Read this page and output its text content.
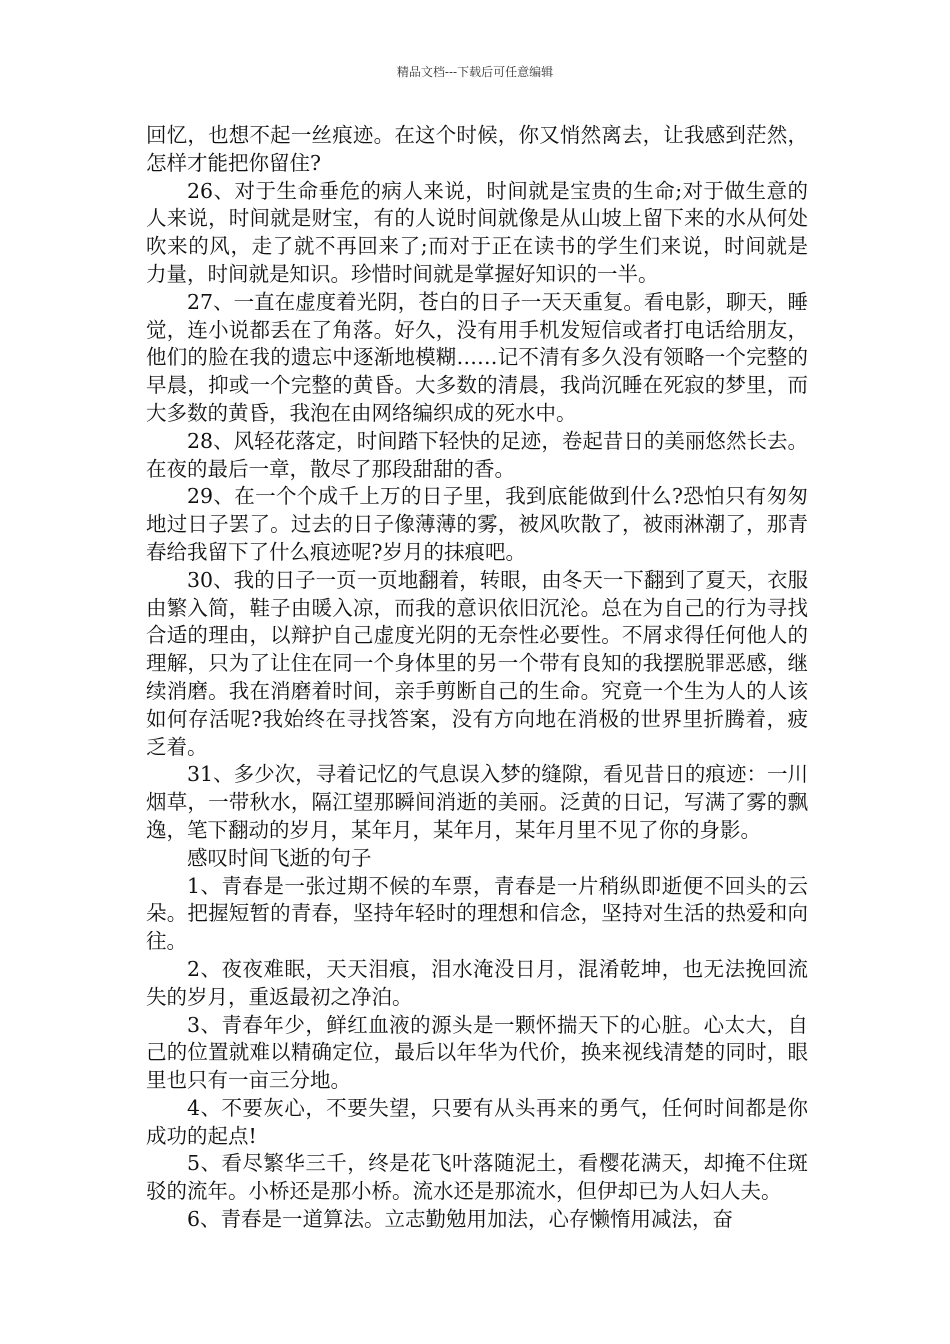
精品文档---下载后可任意编辑

回忆，也想不起一丝痕迹。在这个时候，你又悄然离去，让我感到茫然，怎样才能把你留住?

26、对于生命垂危的病人来说，时间就是宝贵的生命;对于做生意的人来说，时间就是财宝，有的人说时间就像是从山坡上留下来的水从何处吹来的风，走了就不再回来了;而对于正在读书的学生们来说，时间就是力量，时间就是知识。珍惜时间就是掌握好知识的一半。

27、一直在虚度着光阴，苍白的日子一天天重复。看电影，聊天，睡觉，连小说都丢在了角落。好久，没有用手机发短信或者打电话给朋友，他们的脸在我的遗忘中逐渐地模糊……记不清有多久没有领略一个完整的早晨，抑或一个完整的黄昏。大多数的清晨，我尚沉睡在死寂的梦里，而大多数的黄昏，我泡在由网络编织成的死水中。

28、风轻花落定，时间踏下轻快的足迹，卷起昔日的美丽悠然长去。在夜的最后一章，散尽了那段甜甜的香。

29、在一个个成千上万的日子里，我到底能做到什么?恐怕只有匆匆地过日子罢了。过去的日子像薄薄的雾，被风吹散了，被雨淋潮了，那青春给我留下了什么痕迹呢?岁月的抹痕吧。

30、我的日子一页一页地翻着，转眼，由冬天一下翻到了夏天，衣服由繁入简，鞋子由暖入凉，而我的意识依旧沉沦。总在为自己的行为寻找合适的理由，以辩护自己虚度光阴的无奈性必要性。不屑求得任何他人的理解，只为了让住在同一个身体里的另一个带有良知的我摆脱罪恶感，继续消磨。我在消磨着时间，亲手剪断自己的生命。究竟一个生为人的人该如何存活呢?我始终在寻找答案，没有方向地在消极的世界里折腾着，疲乏着。

31、多少次，寻着记忆的气息误入梦的缝隙，看见昔日的痕迹：一川烟草，一带秋水，隔江望那瞬间消逝的美丽。泛黄的日记，写满了雾的飘逸，笔下翻动的岁月，某年月，某年月，某年月里不见了你的身影。

感叹时间飞逝的句子

1、青春是一张过期不候的车票，青春是一片稍纵即逝便不回头的云朵。把握短暂的青春，坚持年轻时的理想和信念，坚持对生活的热爱和向往。

2、夜夜难眠，天天泪痕，泪水淹没日月，混淆乾坤，也无法挽回流失的岁月，重返最初之净泊。

3、青春年少，鲜红血液的源头是一颗怀揣天下的心脏。心太大，自己的位置就难以精确定位，最后以年华为代价，换来视线清楚的同时，眼里也只有一亩三分地。

4、不要灰心，不要失望，只要有从头再来的勇气，任何时间都是你成功的起点!

5、看尽繁华三千，终是花飞叶落随泥土，看樱花满天，却掩不住斑驳的流年。小桥还是那小桥。流水还是那流水，但伊却已为人妇人夫。

6、青春是一道算法。立志勤勉用加法，心存懒惰用减法，奋
